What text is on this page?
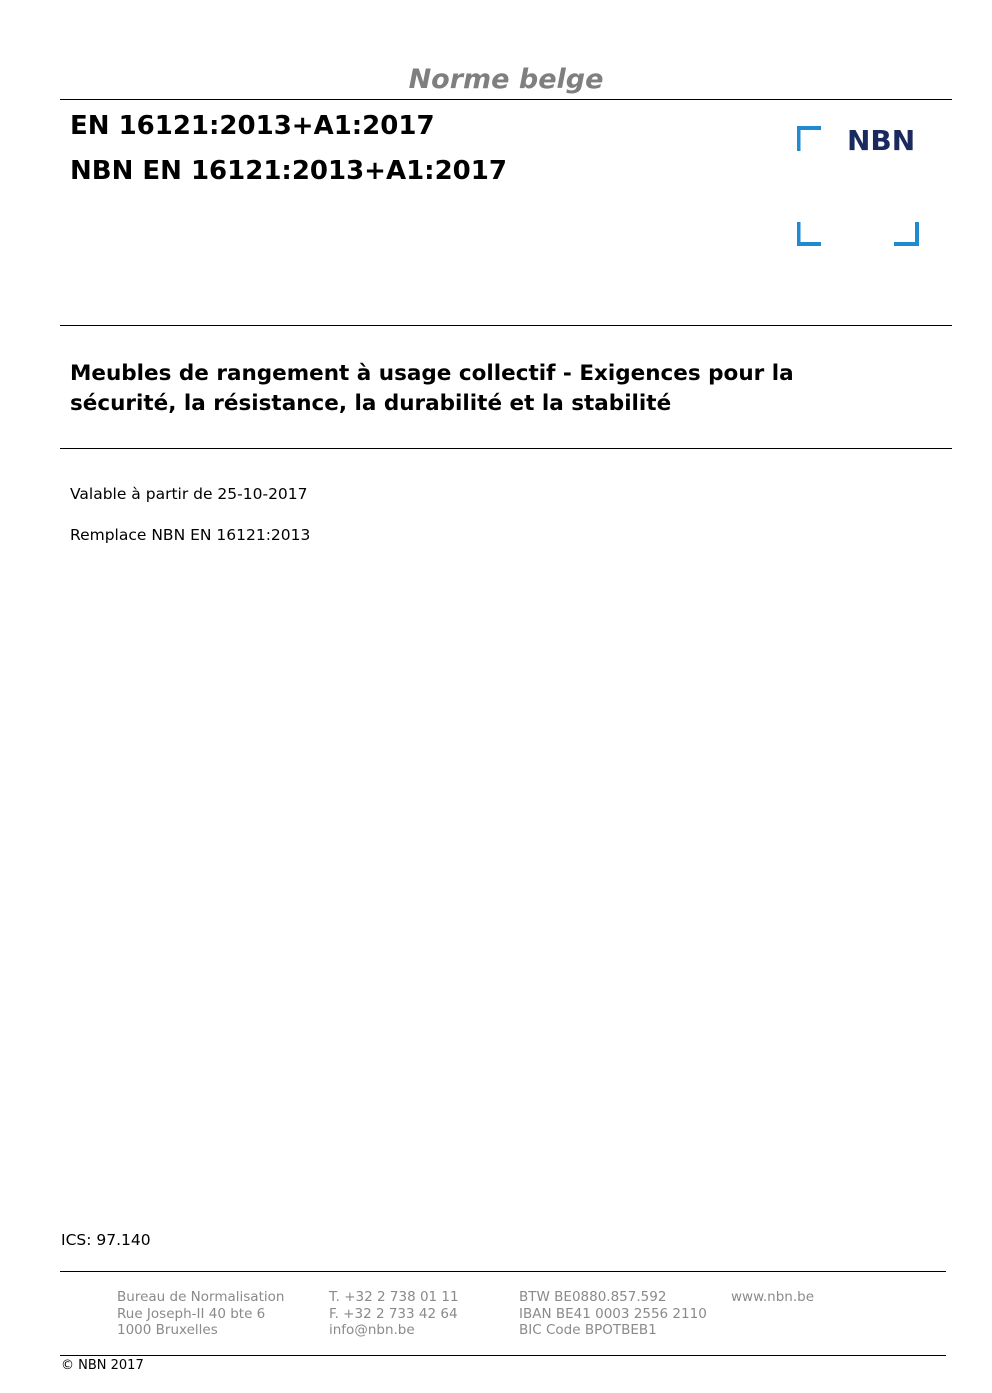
Norme belge
EN 16121:2013+A1:2017
NBN EN 16121:2013+A1:2017
NBN
Meubles de rangement à usage collectif - Exigences pour la
sécurité, la résistance, la durabilité et la stabilité
Valable à partir de 25-10-2017
Remplace NBN EN 16121:2013
ICS: 97.140
Bureau de Normalisation
Rue Joseph-II 40 bte 6
1000 Bruxelles
T. +32 2 738 01 11
F. +32 2 733 42 64
info@nbn.be
BTW BE0880.857.592
IBAN BE41 0003 2556 2110
BIC Code BPOTBEB1
www.nbn.be
© NBN 2017
